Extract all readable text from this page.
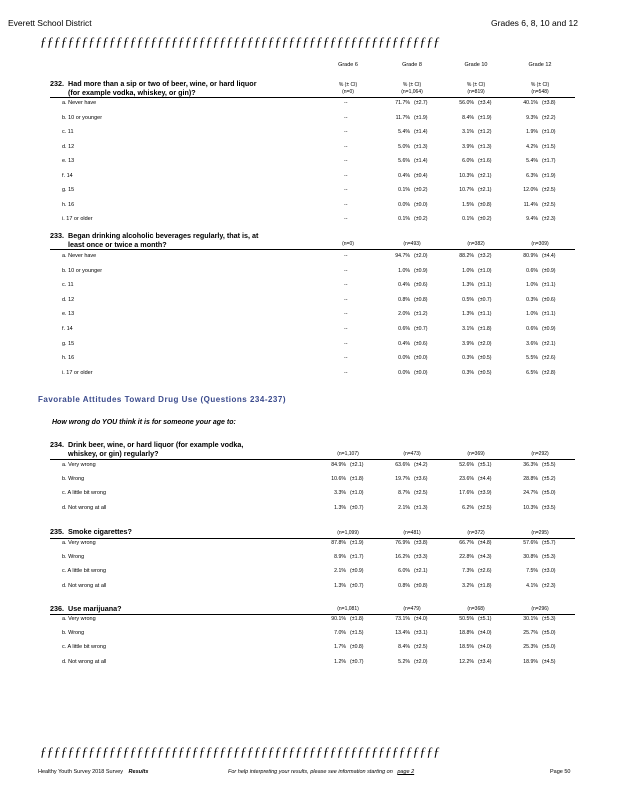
Everett School District	Grades 6, 8, 10 and 12
ƒƒƒƒƒƒƒƒƒƒƒƒƒƒƒƒƒƒƒƒƒƒƒƒƒƒƒƒƒƒƒƒƒƒƒƒƒƒƒƒƒƒƒƒƒƒƒƒƒƒƒƒƒƒƒƒƒƒ
Grade 6	Grade 8	Grade 10	Grade 12
232. Had more than a sip or two of beer, wine, or hard liquor
(for example vodka, whiskey, or gin)?
% (± CI)	% (± CI)	% (± CI)	% (± CI)
(n=0)	(n=1,064)	(n=819)	(n=548)
a. Never have	--	71.7% (±2.7)	56.0% (±3.4)	40.1% (±3.8)
b. 10 or younger	--	11.7% (±1.9)	8.4% (±1.9)	9.3% (±2.2)
c. 11	--	5.4% (±1.4)	3.1% (±1.2)	1.9% (±1.0)
d. 12	--	5.0% (±1.3)	3.9% (±1.3)	4.2% (±1.5)
e. 13	--	5.6% (±1.4)	6.0% (±1.6)	5.4% (±1.7)
f. 14	--	0.4% (±0.4)	10.3% (±2.1)	6.3% (±1.9)
g. 15	--	0.1% (±0.2)	10.7% (±2.1)	12.0% (±2.5)
h. 16	--	0.0% (±0.0)	1.5% (±0.8)	11.4% (±2.5)
i. 17 or older	--	0.1% (±0.2)	0.1% (±0.2)	9.4% (±2.3)
233. Began drinking alcoholic beverages regularly, that is, at
least once or twice a month?	(n=0)	(n=493)	(n=382)	(n=309)
a. Never have	--	94.7% (±2.0)	88.2% (±3.2)	80.9% (±4.4)
b. 10 or younger	--	1.0% (±0.9)	1.0% (±1.0)	0.6% (±0.9)
c. 11	--	0.4% (±0.6)	1.3% (±1.1)	1.0% (±1.1)
d. 12	--	0.8% (±0.8)	0.5% (±0.7)	0.3% (±0.6)
e. 13	--	2.0% (±1.2)	1.3% (±1.1)	1.0% (±1.1)
f. 14	--	0.6% (±0.7)	3.1% (±1.8)	0.6% (±0.9)
g. 15	--	0.4% (±0.6)	3.9% (±2.0)	3.6% (±2.1)
h. 16	--	0.0% (±0.0)	0.3% (±0.5)	5.5% (±2.6)
i. 17 or older	--	0.0% (±0.0)	0.3% (±0.5)	6.5% (±2.8)
234. Drink beer, wine, or hard liquor (for example vodka,
whiskey, or gin) regularly?	(n=1,107)	(n=473)	(n=369)	(n=292)
a. Very wrong	84.9% (±2.1)	63.6% (±4.2)	52.6% (±5.1)	36.3% (±5.5)
b. Wrong	10.6% (±1.8)	19.7% (±3.6)	23.6% (±4.4)	28.8% (±5.2)
c. A little bit wrong	3.3% (±1.0)	8.7% (±2.5)	17.6% (±3.9)	24.7% (±5.0)
d. Not wrong at all	1.3% (±0.7)	2.1% (±1.3)	6.2% (±2.5)	10.3% (±3.5)
235. Smoke cigarettes?	(n=1,099)	(n=481)	(n=372)	(n=295)
a. Very wrong	87.8% (±1.9)	76.9% (±3.8)	66.7% (±4.8)	57.6% (±5.7)
b. Wrong	8.9% (±1.7)	16.2% (±3.3)	22.8% (±4.3)	30.8% (±5.3)
c. A little bit wrong	2.1% (±0.9)	6.0% (±2.1)	7.3% (±2.6)	7.5% (±3.0)
d. Not wrong at all	1.3% (±0.7)	0.8% (±0.8)	3.2% (±1.8)	4.1% (±2.3)
236. Use marijuana?	(n=1,081)	(n=479)	(n=368)	(n=296)
a. Very wrong	90.1% (±1.8)	73.1% (±4.0)	50.5% (±5.1)	30.1% (±5.3)
b. Wrong	7.0% (±1.5)	13.4% (±3.1)	18.8% (±4.0)	25.7% (±5.0)
c. A little bit wrong	1.7% (±0.8)	8.4% (±2.5)	18.5% (±4.0)	25.3% (±5.0)
d. Not wrong at all	1.2% (±0.7)	5.2% (±2.0)	12.2% (±3.4)	18.9% (±4.5)
Favorable Attitudes Toward Drug Use (Questions 234-237)
How wrong do YOU think it is for someone your age to:
ƒƒƒƒƒƒƒƒƒƒƒƒƒƒƒƒƒƒƒƒƒƒƒƒƒƒƒƒƒƒƒƒƒƒƒƒƒƒƒƒƒƒƒƒƒƒƒƒƒƒƒƒƒƒƒƒƒƒ
Healthy Youth Survey 2018 Survey Results	For help interpreting your results, please see information starting on page 2	Page 50
